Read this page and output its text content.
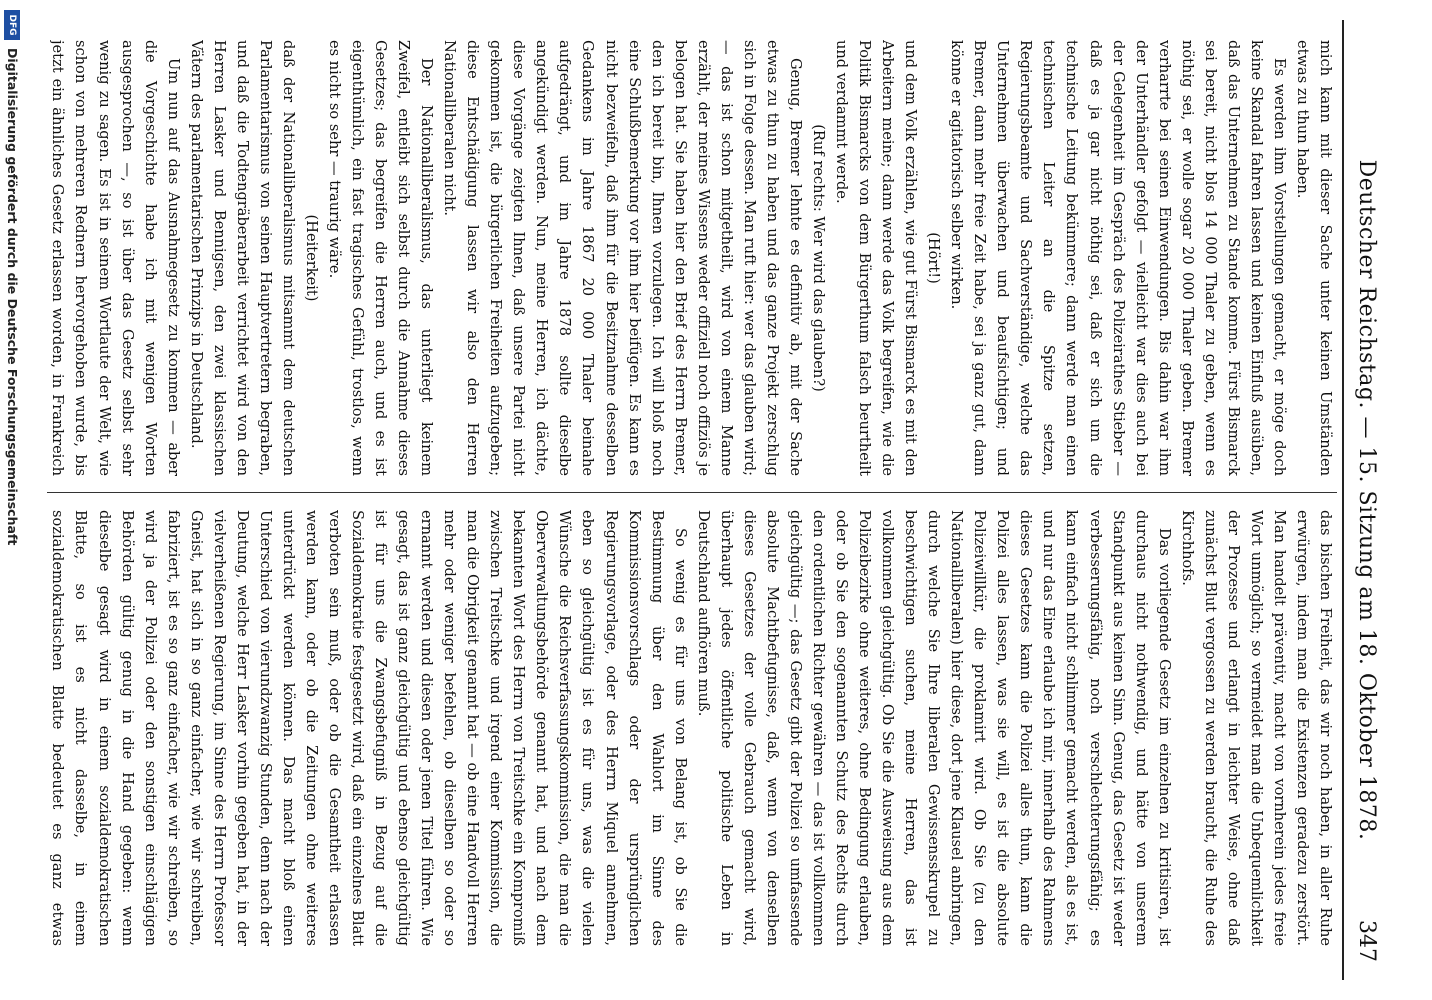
Deutscher Reichstag. — 15. Sitzung am 18. Oktober 1878.
347

mich kann mit dieser Sache unter keinen Umständen etwas zu thun haben.

Es werden ihm Vorstellungen gemacht, er möge doch keine Skandal fahren lassen und keinen Einfluß ausüben, daß das Unternehmen zu Stande komme. Fürst Bismarck sei bereit, nicht blos 14 000 Thaler zu geben, wenn es nöthig sei, er wolle sogar 20 000 Thaler geben. Bremer verharrte bei seinen Einwendungen. Bis dahin war ihm der Unterhändler gefolgt — vielleicht war dies auch bei der Gelegenheit im Gespräch des Polizeirathes Stieber — daß es ja gar nicht nöthig sei, daß er sich um die technische Leitung bekümmere; dann werde man einen technischen Leiter an die Spitze setzen, Regierungsbeamte und Sachverständige, welche das Unternehmen überwachen und beaufsichtigen; und Bremer, dann mehr freie Zeit habe, sei ja ganz gut, dann könne er agitatorisch selber wirken.

(Hört!)

und dem Volk erzählen, wie gut Fürst Bismarck es mit den Arbeitern meine; dann werde das Volk begreifen, wie die Politik Bismarcks von dem Bürgerthum falsch beurtheilt und verdammt werde.

(Ruf rechts: Wer wird das glauben?)

Genug, Bremer lehnte es definitiv ab, mit der Sache etwas zu thun zu haben und das ganze Projekt zerschlug sich in Folge dessen. Man ruft hier: wer das glauben wird; — das ist schon mitgetheilt, wird von einem Manne erzählt, der meines Wissens weder offiziell noch offiziös je belogen hat. Sie haben hier den Brief des Herrn Bremer, den ich bereit bin, Ihnen vorzulegen. Ich will bloß noch eine Schlußbemerkung vor ihm hier beifügen. Es kann es nicht bezweifeln, daß ihm für die Besitznahme desselben Gedankens im Jahre 1867 20 000 Thaler beinahe aufgedrängt, und im Jahre 1878 sollte dieselbe angekündigt werden. Nun, meine Herren, ich dächte, diese Vorgänge zeigten Ihnen, daß unsere Partei nicht gekommen ist, die bürgerlichen Freiheiten aufzugeben; diese Entschädigung lassen wir also den Herren Nationalliberalen nicht.

Der Nationalliberalismus, das unterliegt keinem Zweifel, entleibt sich selbst durch die Annahme dieses Gesetzes; das begreifen die Herren auch, und es ist eigenthümlich, ein fast tragisches Gefühl, trostlos, wenn es nicht so sehr — traurig wäre.

(Heiterkeit)

daß der Nationalliberalismus mitsammt dem deutschen Parlamentarismus von seinen Hauptvertretern begraben, und daß die Todtengräberarbeit verrichtet wird von den Herren Lasker und Bennigsen, den zwei klassischen Vätern des parlamentarischen Prinzips in Deutschland.

Um nun auf das Ausnahmegesetz zu kommen — aber die Vorgeschichte habe ich mit wenigen Worten ausgesprochen —, so ist über das Gesetz selbst sehr wenig zu sagen. Es ist in seinem Wortlaute der Welt, wie schon von mehreren Rednern hervorgehoben wurde, bis jetzt ein ähnliches Gesetz erlassen worden, in Frankreich

das bischen Freiheit, das wir noch haben, in aller Ruhe erwürgen, indem man die Existenzen geradezu zerstört. Man handelt präventiv, macht von vornherein jedes freie Wort unmöglich; so vermeidet man die Unbequemlichkeit der Prozesse und erlangt in leichter Weise, ohne daß zunächst Blut vergossen zu werden braucht, die Ruhe des Kirchhofs.

Das vorliegende Gesetz im einzelnen zu kritisiren, ist durchaus nicht nothwendig, und hätte von unserem Standpunkt aus keinen Sinn. Genug, das Gesetz ist weder verbesserungsfähig, noch verschlechterungsfähig; es kann einfach nicht schlimmer gemacht werden, als es ist, und nur das Eine erlaube ich mir, innerhalb des Rahmens dieses Gesetzes kann die Polizei alles thun, kann die Polizei alles lassen, was sie will, es ist die absolute Polizeiwillkür, die proklamirt wird. Ob Sie (zu den Nationalliberalen) hier diese, dort jene Klausel anbringen, durch welche Sie Ihre liberalen Gewissensskrupel zu beschwichtigen suchen, meine Herren, das ist vollkommen gleichgültig. Ob Sie die Ausweisung aus dem Polizeibezirke ohne weiteres, ohne Bedingung erlauben, oder ob Sie den sogenannten Schutz des Rechts durch den ordentlichen Richter gewähren — das ist vollkommen gleichgültig —; das Gesetz gibt der Polizei so umfassende absolute Machtbefugnisse, daß, wenn von denselben dieses Gesetzes der volle Gebrauch gemacht wird, überhaupt jedes öffentliche politische Leben in Deutschland aufhören muß.

So wenig es für uns von Belang ist, ob Sie die Bestimmung über den Wahlort im Sinne des Kommissionsvorschlags oder der ursprünglichen Regierungsvorlage, oder des Herrn Miquel annehmen, eben so gleichgültig ist es für uns, was die vielen Wünsche die Reichsverfassungskommission, die man die Oberverwaltungsbehörde genannt hat, und nach dem bekannten Wort des Herrn von Treitschke ein Kompromiß zwischen Treitschke und irgend einer Kommission, die man die Obrigkeit genannt hat — ob eine Handvoll Herren mehr oder weniger befehlen, ob dieselben so oder so ernannt werden und diesen oder jenen Titel führen. Wie gesagt, das ist ganz gleichgültig und ebenso gleichgültig ist für uns die Zwangsbefugniß in Bezug auf die Sozialdemokratie festgesetzt wird, daß ein einzelnes Blatt verboten sein muß, oder ob die Gesamtheit erlassen werden kann, oder ob die Zeitungen ohne weiteres unterdrückt werden können. Das macht bloß einen Unterschied von vierundzwanzig Stunden, denn nach der Deutung, welche Herr Lasker vorhin gegeben hat, in der vielverheißenen Regierung, im Sinne des Herrn Professor Gneist, hat sich in so ganz einfacher, wie wir schreiben, fabriziert, ist es so ganz einfacher, wie wir schreiben, so wird ja der Polizei oder den sonstigen einschlägigen Behörden gültig genug in die Hand gegeben: wenn dieselbe gesagt wird in einem sozialdemokratischen Blatte, so ist es nicht dasselbe, in einem sozialdemokratischen Blatte bedeutet es ganz etwas

DFG
Digitalisierung gefördert durch die Deutsche Forschungsgemeinschaft
